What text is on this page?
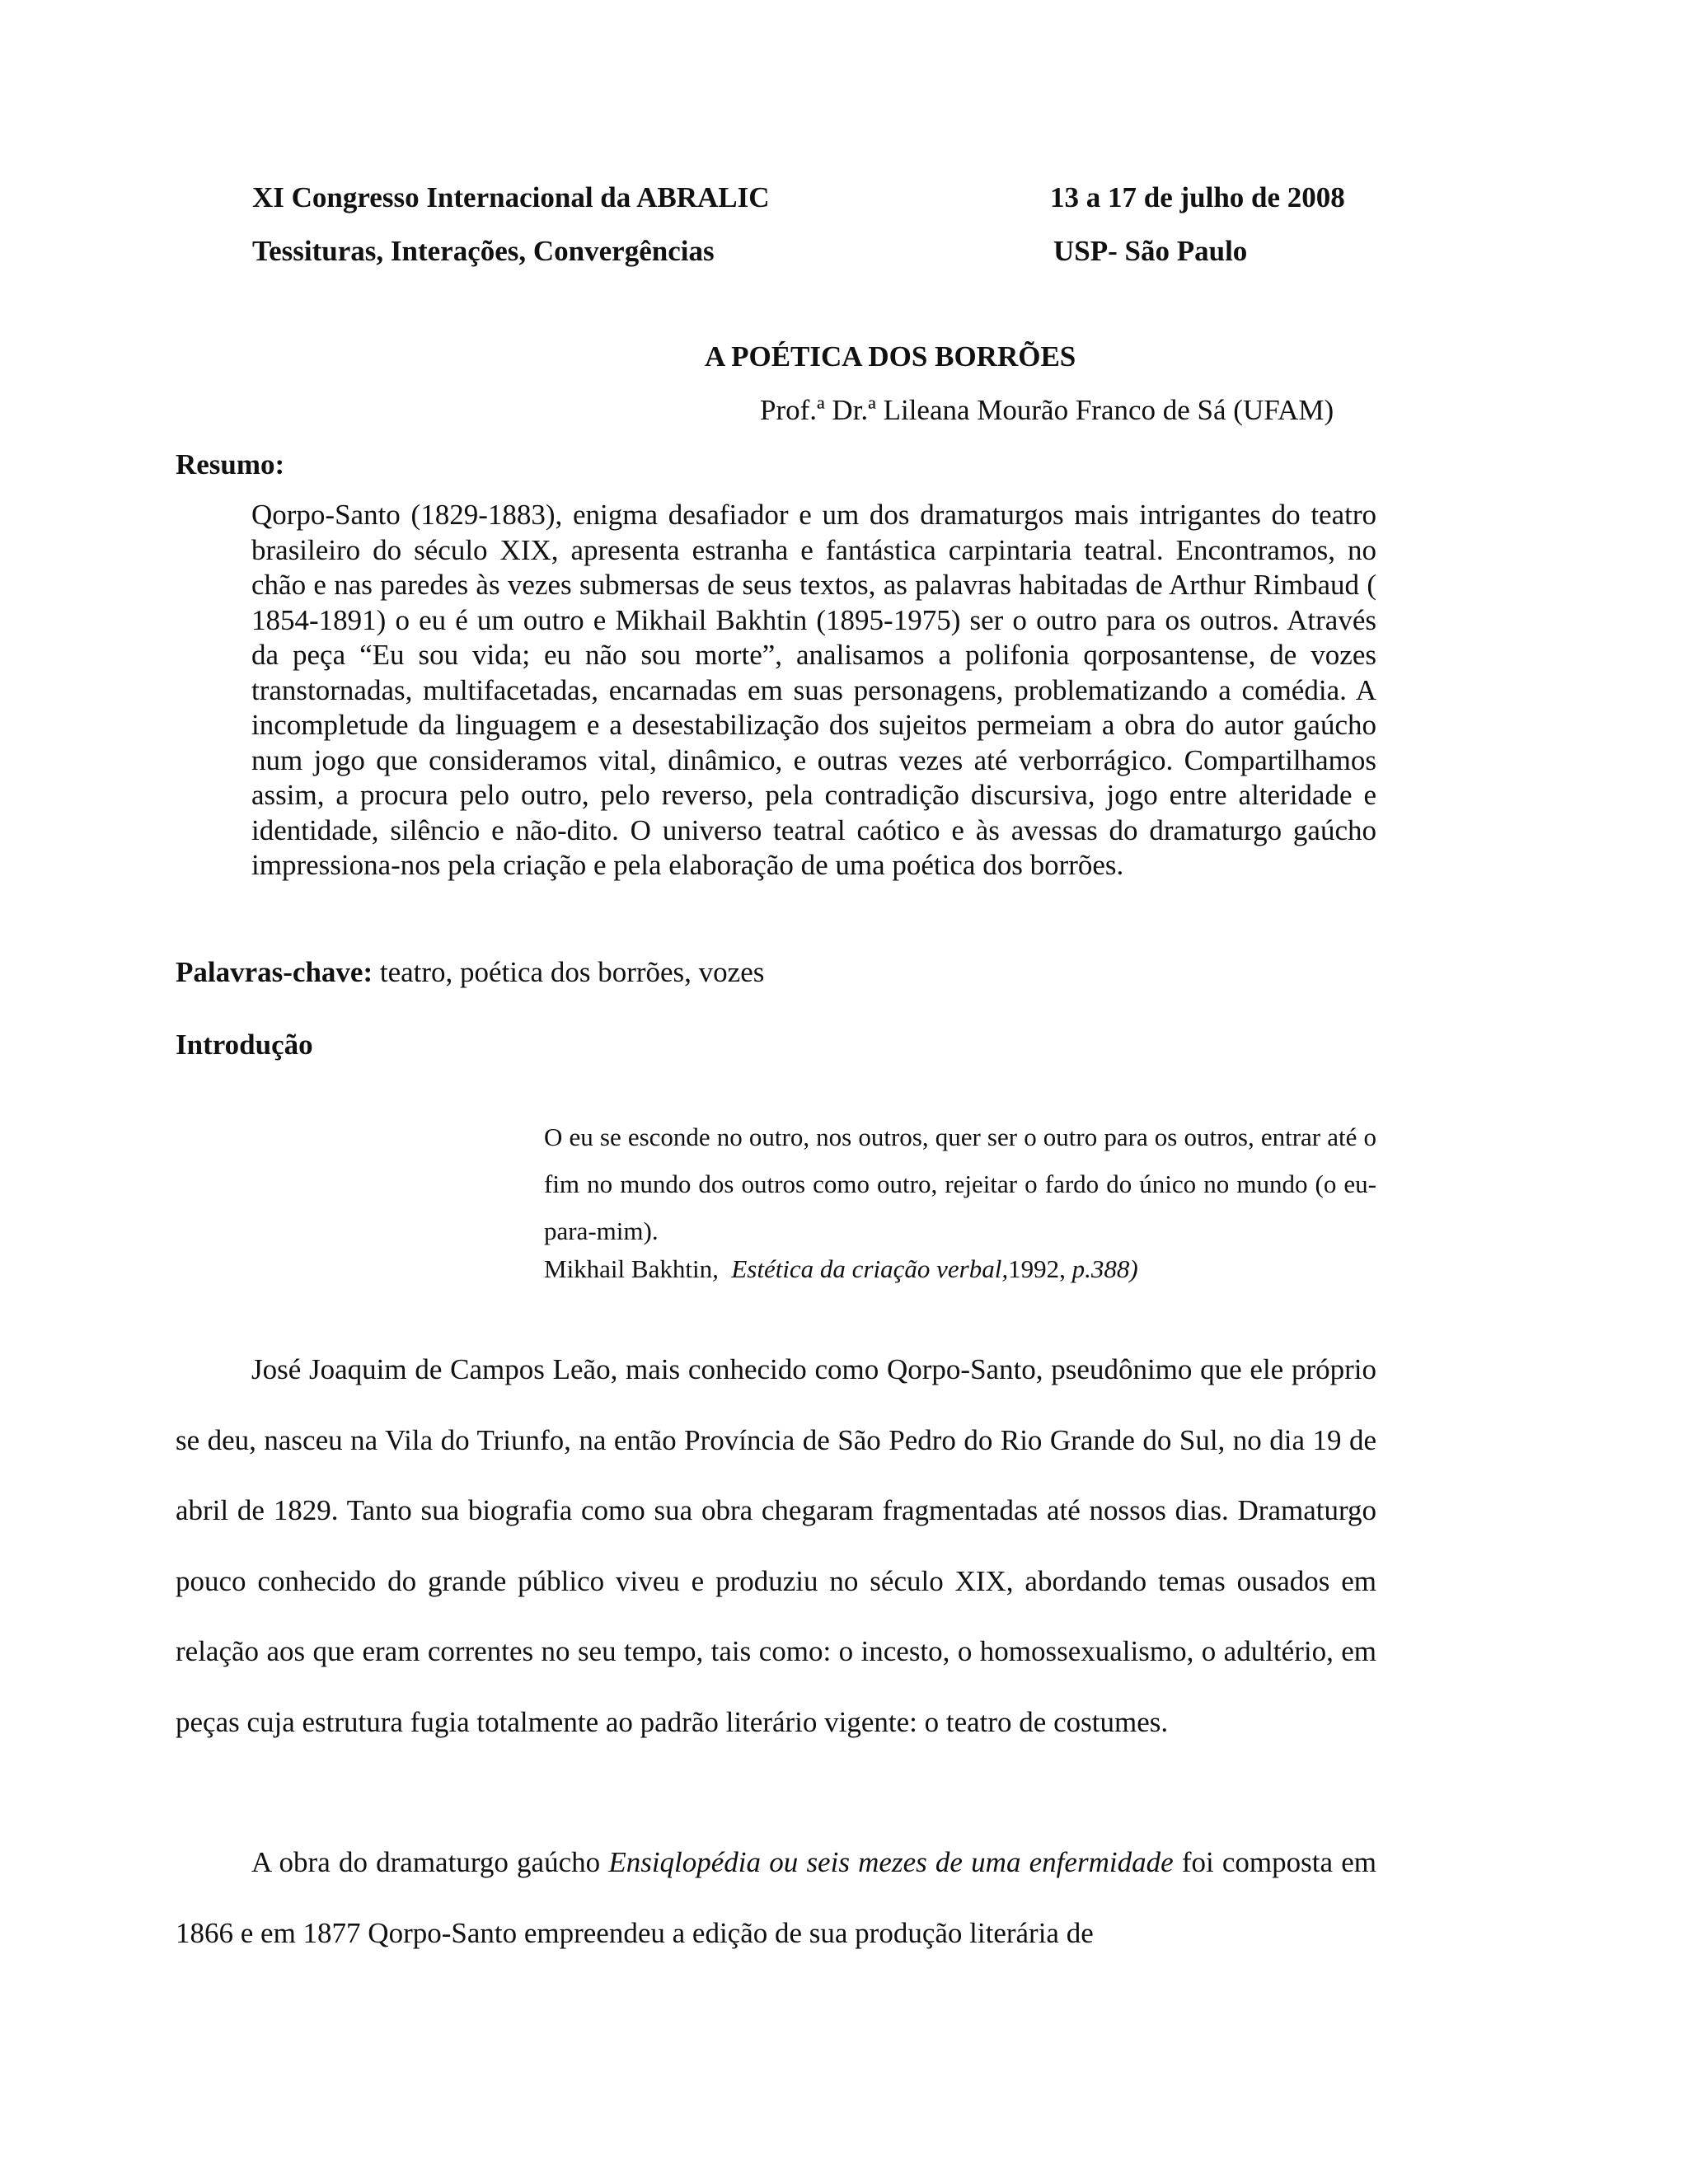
XI Congresso Internacional da ABRALIC	13 a 17 de julho de 2008
Tessituras, Interações, Convergências	USP- São Paulo
A POÉTICA DOS BORRÕES
Prof.ª Dr.ª Lileana Mourão Franco de Sá (UFAM)
Resumo:

Qorpo-Santo (1829-1883), enigma desafiador e um dos dramaturgos mais intrigantes do teatro brasileiro do século XIX, apresenta estranha e fantástica carpintaria teatral. Encontramos, no chão e nas paredes às vezes submersas de seus textos, as palavras habitadas de Arthur Rimbaud ( 1854-1891) o eu é um outro e Mikhail Bakhtin (1895-1975) ser o outro para os outros. Através da peça “Eu sou vida; eu não sou morte”, analisamos a polifonia qorposantense, de vozes transtornadas, multifacetadas, encarnadas em suas personagens, problematizando a comédia. A incompletude da linguagem e a desestabilização dos sujeitos permeiam a obra do autor gaúcho num jogo que consideramos vital, dinâmico, e outras vezes até verborrágico. Compartilhamos assim, a procura pelo outro, pelo reverso, pela contradição discursiva, jogo entre alteridade e identidade, silêncio e não-dito. O universo teatral caótico e às avessas do dramaturgo gaúcho impressiona-nos pela criação e pela elaboração de uma poética dos borrões.

Palavras-chave: teatro, poética dos borrões, vozes
Introdução

O eu se esconde no outro, nos outros, quer ser o outro para os outros, entrar até o fim no mundo dos outros como outro, rejeitar o fardo do único no mundo (o eu-para-mim).

Mikhail Bakhtin, Estética da criação verbal,1992, p.388)

José Joaquim de Campos Leão, mais conhecido como Qorpo-Santo, pseudônimo que ele próprio se deu, nasceu na Vila do Triunfo, na então Província de São Pedro do Rio Grande do Sul, no dia 19 de abril de 1829. Tanto sua biografia como sua obra chegaram fragmentadas até nossos dias. Dramaturgo pouco conhecido do grande público viveu e produziu no século XIX, abordando temas ousados em relação aos que eram correntes no seu tempo, tais como: o incesto, o homossexualismo, o adultério, em peças cuja estrutura fugia totalmente ao padrão literário vigente: o teatro de costumes.

A obra do dramaturgo gaúcho Ensiqlopédia ou seis mezes de uma enfermidade foi composta em 1866 e em 1877 Qorpo-Santo empreendeu a edição de sua produção literária de
